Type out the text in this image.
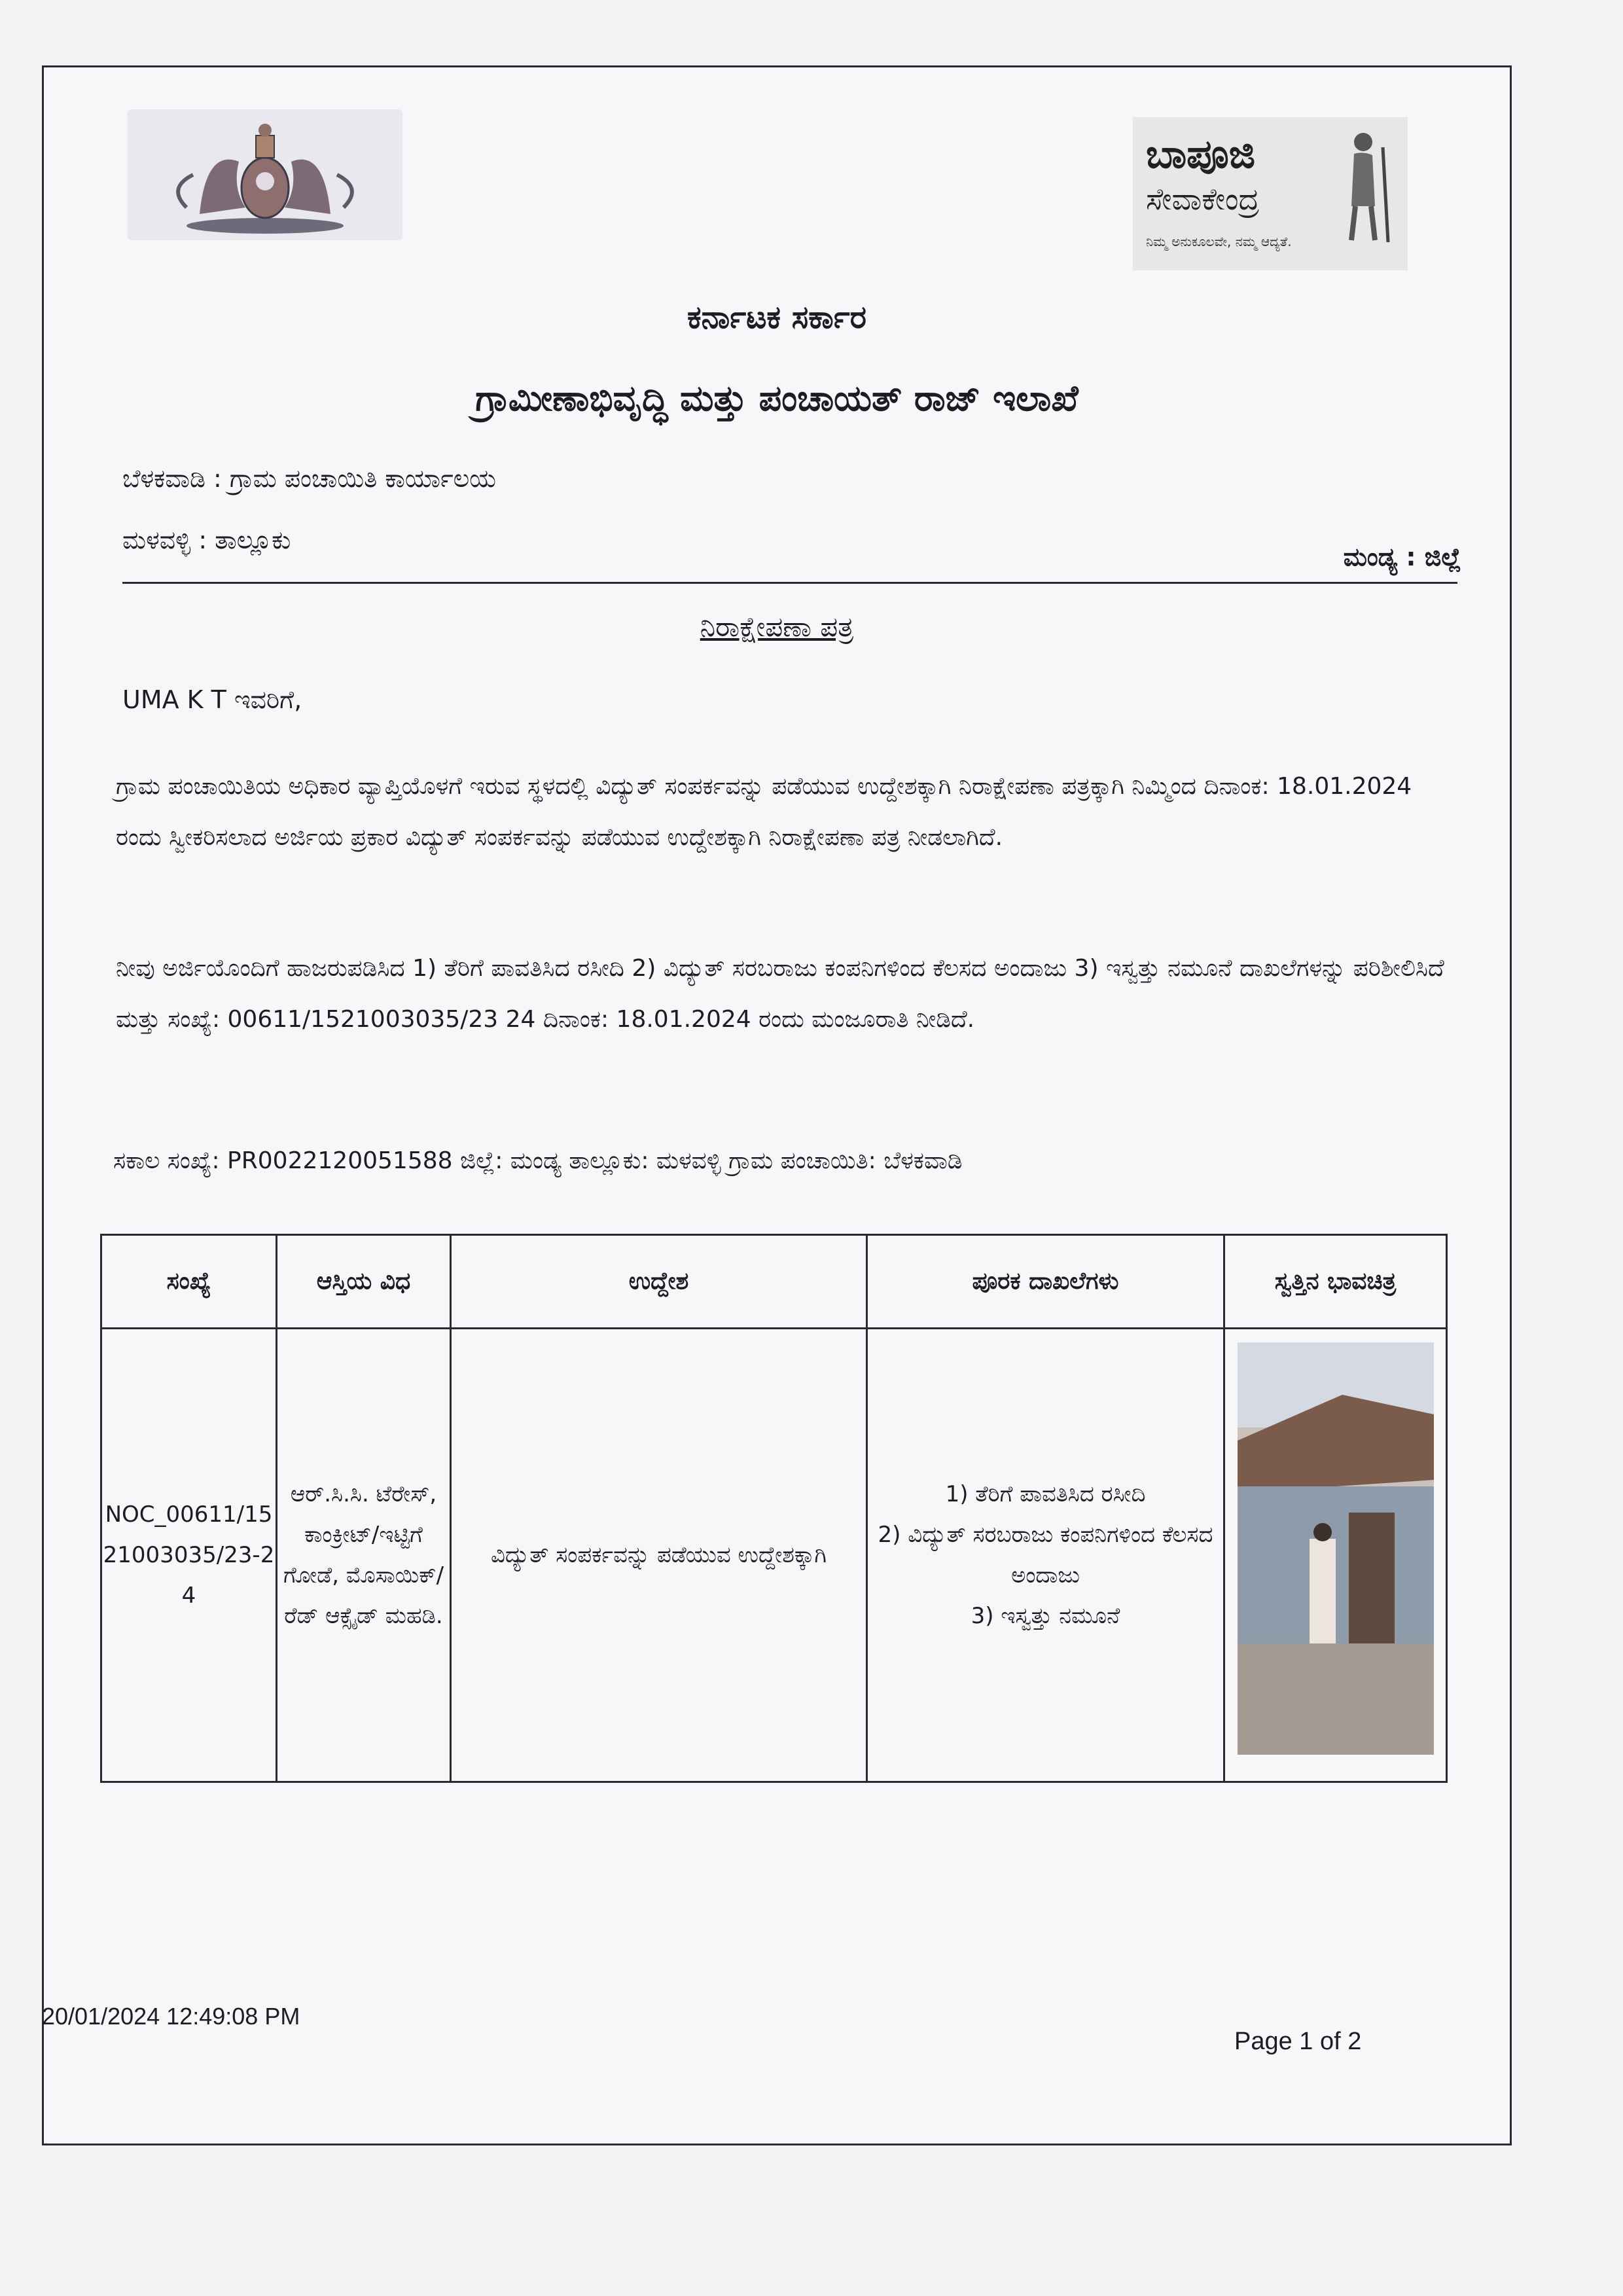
ಬಾಪೂಜಿ
ಸೇವಾಕೇಂದ್ರ
ನಿಮ್ಮ ಅನುಕೂಲವೇ, ನಮ್ಮ ಆದ್ಯತೆ.
ಕರ್ನಾಟಕ ಸರ್ಕಾರ
ಗ್ರಾಮೀಣಾಭಿವೃದ್ಧಿ ಮತ್ತು ಪಂಚಾಯತ್ ರಾಜ್ ಇಲಾಖೆ
ಬೆಳಕವಾಡಿ : ಗ್ರಾಮ ಪಂಚಾಯಿತಿ ಕಾರ್ಯಾಲಯ
ಮಳವಳ್ಳಿ : ತಾಲ್ಲೂಕು
ಮಂಡ್ಯ : ಜಿಲ್ಲೆ
ನಿರಾಕ್ಷೇಪಣಾ ಪತ್ರ
UMA K T ಇವರಿಗೆ,
ಗ್ರಾಮ ಪಂಚಾಯಿತಿಯ ಅಧಿಕಾರ ವ್ಯಾಪ್ತಿಯೊಳಗೆ ಇರುವ ಸ್ಥಳದಲ್ಲಿ ವಿದ್ಯುತ್ ಸಂಪರ್ಕವನ್ನು ಪಡೆಯುವ ಉದ್ದೇಶಕ್ಕಾಗಿ ನಿರಾಕ್ಷೇಪಣಾ ಪತ್ರಕ್ಕಾಗಿ ನಿಮ್ಮಿಂದ ದಿನಾಂಕ: 18.01.2024 ರಂದು ಸ್ವೀಕರಿಸಲಾದ ಅರ್ಜಿಯ ಪ್ರಕಾರ ವಿದ್ಯುತ್ ಸಂಪರ್ಕವನ್ನು ಪಡೆಯುವ ಉದ್ದೇಶಕ್ಕಾಗಿ ನಿರಾಕ್ಷೇಪಣಾ ಪತ್ರ ನೀಡಲಾಗಿದೆ.
ನೀವು ಅರ್ಜಿಯೊಂದಿಗೆ ಹಾಜರುಪಡಿಸಿದ 1) ತೆರಿಗೆ ಪಾವತಿಸಿದ ರಸೀದಿ 2) ವಿದ್ಯುತ್ ಸರಬರಾಜು ಕಂಪನಿಗಳಿಂದ ಕೆಲಸದ ಅಂದಾಜು 3) ಇಸ್ವತ್ತು ನಮೂನೆ ದಾಖಲೆಗಳನ್ನು ಪರಿಶೀಲಿಸಿದೆ ಮತ್ತು ಸಂಖ್ಯೆ: 00611/1521003035/23 24 ದಿನಾಂಕ: 18.01.2024 ರಂದು ಮಂಜೂರಾತಿ ನೀಡಿದೆ.
ಸಕಾಲ ಸಂಖ್ಯೆ: PR0022120051588 ಜಿಲ್ಲೆ: ಮಂಡ್ಯ ತಾಲ್ಲೂಕು: ಮಳವಳ್ಳಿ ಗ್ರಾಮ ಪಂಚಾಯಿತಿ: ಬೆಳಕವಾಡಿ
ಸಂಖ್ಯೆ	ಆಸ್ತಿಯ ವಿಧ	ಉದ್ದೇಶ	ಪೂರಕ ದಾಖಲೆಗಳು	ಸ್ವತ್ತಿನ ಭಾವಚಿತ್ರ
NOC_00611/1521003035/23-24	ಆರ್.ಸಿ.ಸಿ. ಟೆರೇಸ್, ಕಾಂಕ್ರೀಟ್/ಇಟ್ಟಿಗೆ ಗೋಡೆ, ಮೊಸಾಯಿಕ್/ರೆಡ್ ಆಕ್ಸೈಡ್ ಮಹಡಿ.	ವಿದ್ಯುತ್ ಸಂಪರ್ಕವನ್ನು ಪಡೆಯುವ ಉದ್ದೇಶಕ್ಕಾಗಿ	1) ತೆರಿಗೆ ಪಾವತಿಸಿದ ರಸೀದಿ
2) ವಿದ್ಯುತ್ ಸರಬರಾಜು ಕಂಪನಿಗಳಿಂದ ಕೆಲಸದ ಅಂದಾಜು
3) ಇಸ್ವತ್ತು ನಮೂನೆ

20/01/2024 12:49:08 PM
Page 1 of 2
